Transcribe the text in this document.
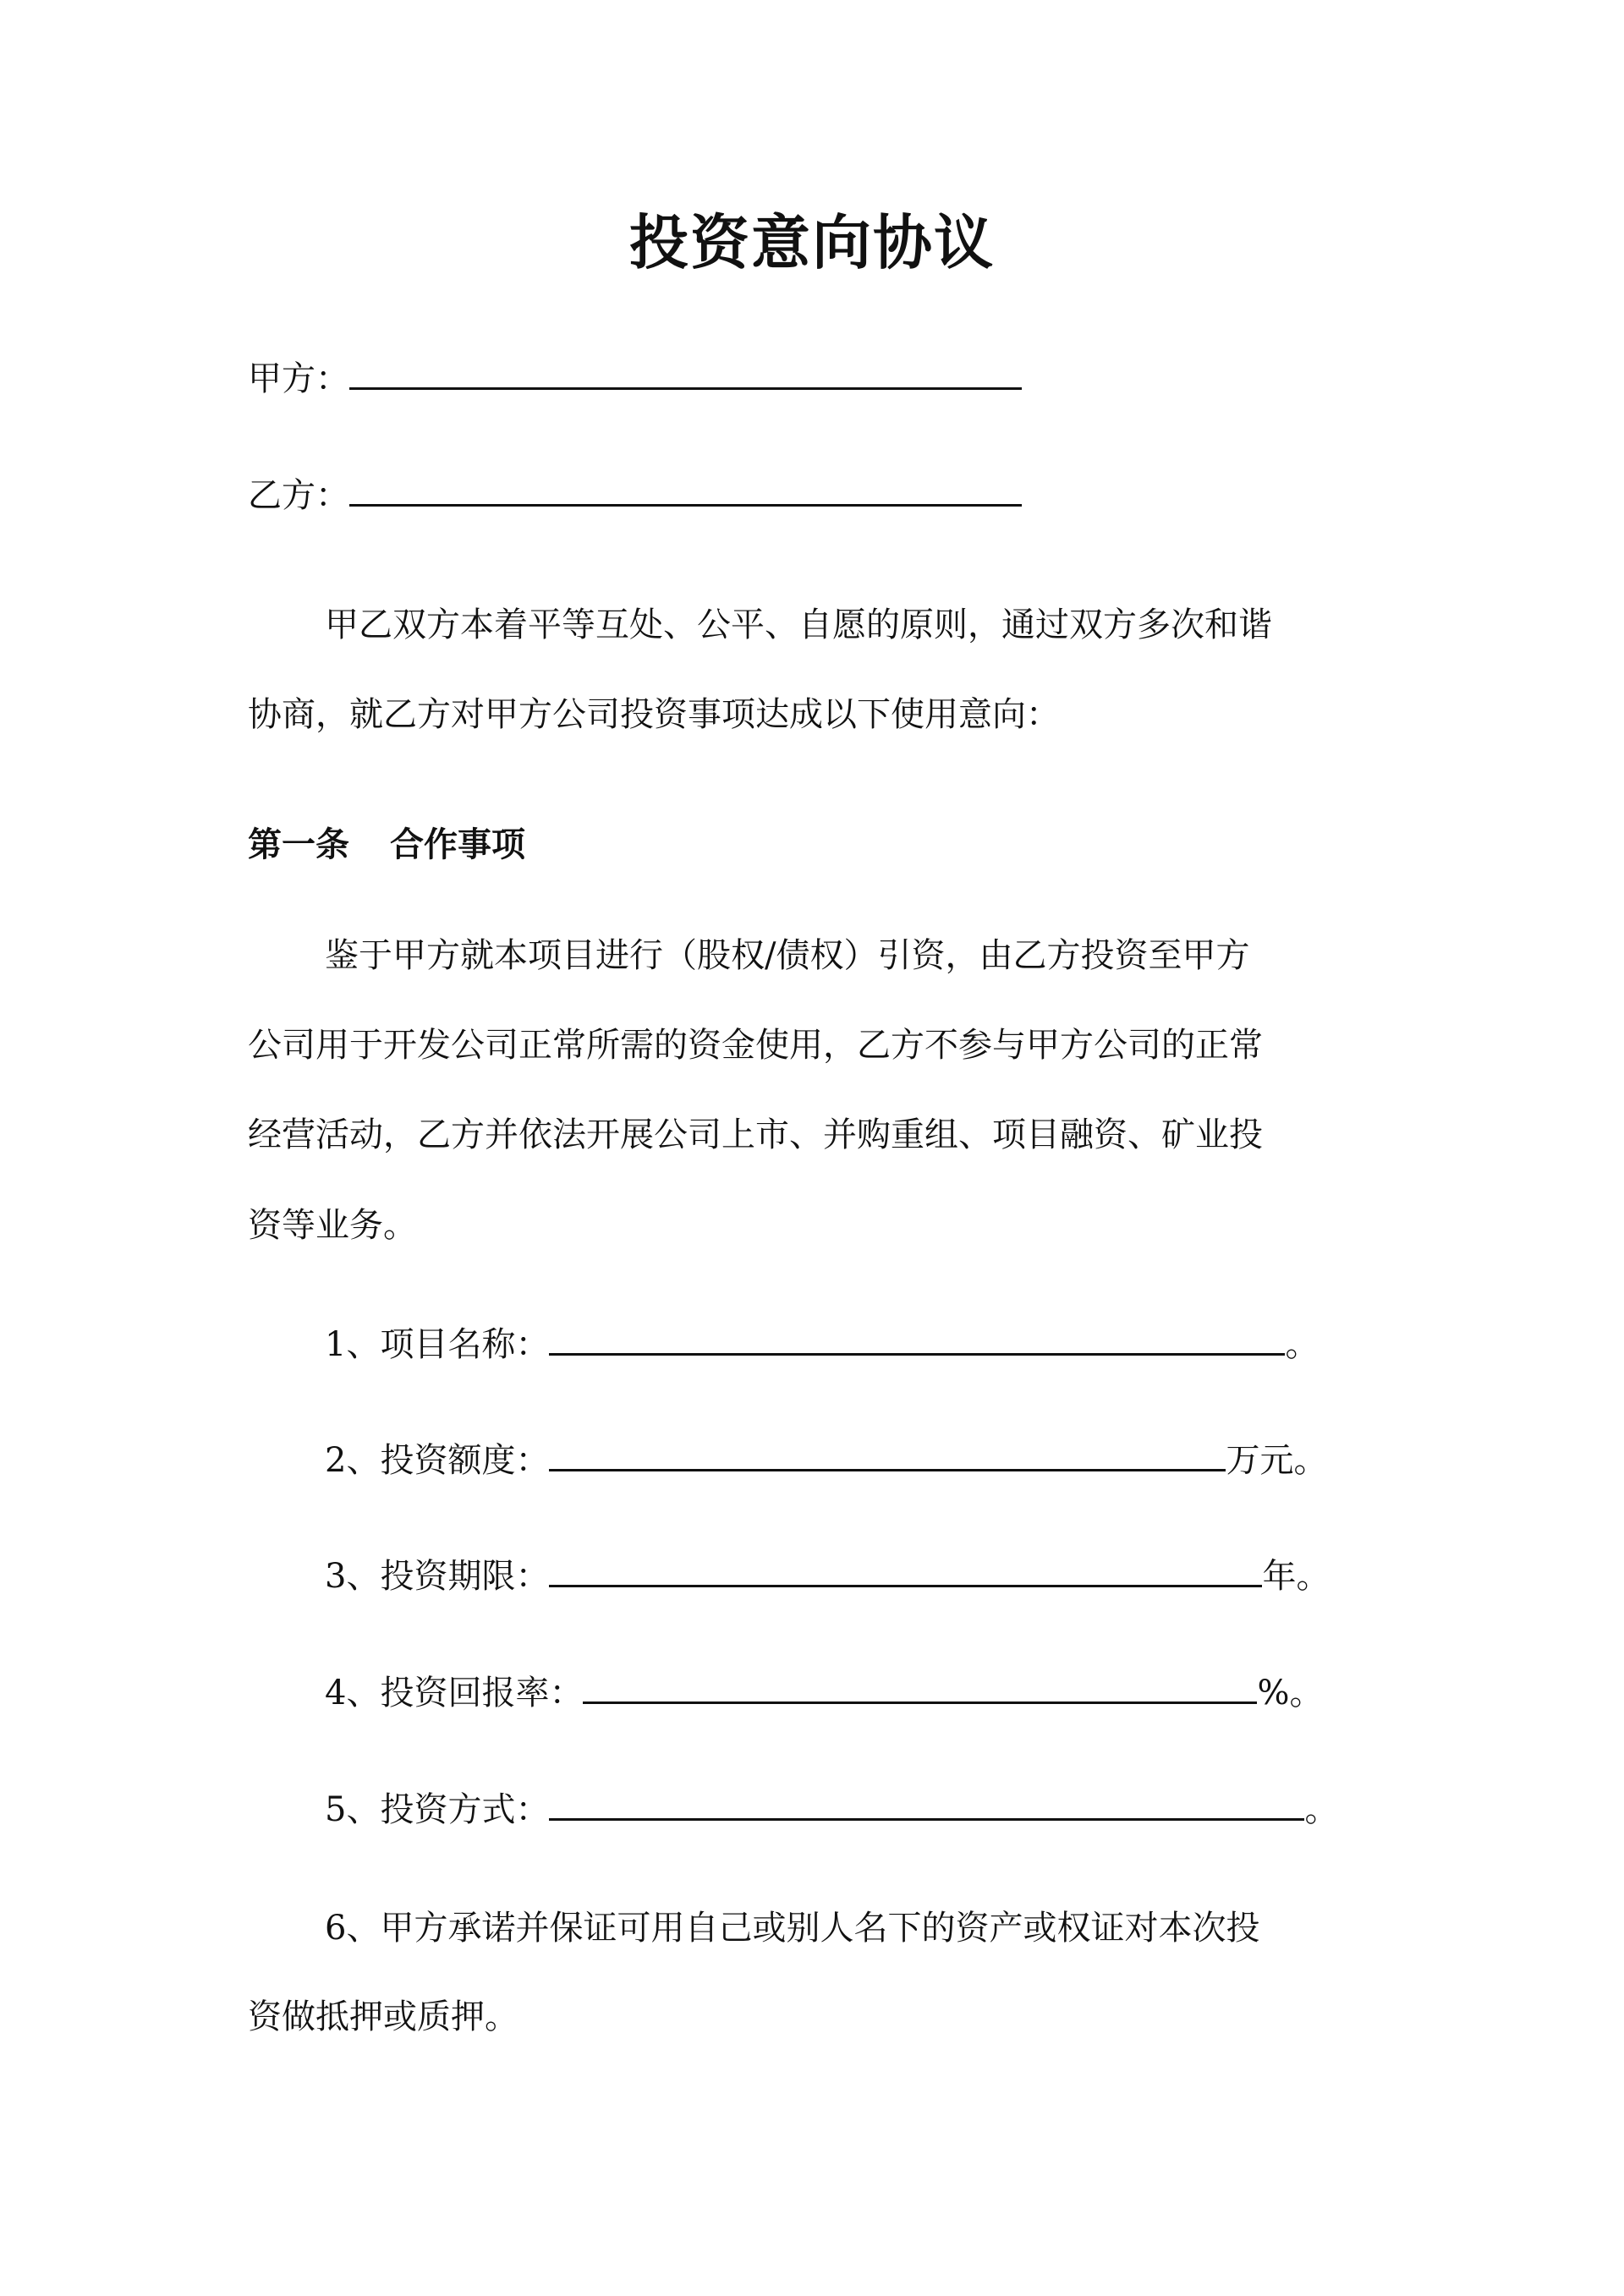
投资意向协议
甲方：
乙方：
甲乙双方本着平等互处、公平、自愿的原则，通过双方多次和谐
协商，就乙方对甲方公司投资事项达成以下使用意向：
第一条 合作事项
鉴于甲方就本项目进行（股权/债权）引资，由乙方投资至甲方
公司用于开发公司正常所需的资金使用，乙方不参与甲方公司的正常
经营活动，乙方并依法开展公司上市、并购重组、项目融资、矿业投
资等业务。
1、项目名称：	。
2、投资额度：	万元。
3、投资期限：	年。
4、投资回报率：	%。
5、投资方式：	。
6、甲方承诺并保证可用自己或别人名下的资产或权证对本次投
资做抵押或质押。
